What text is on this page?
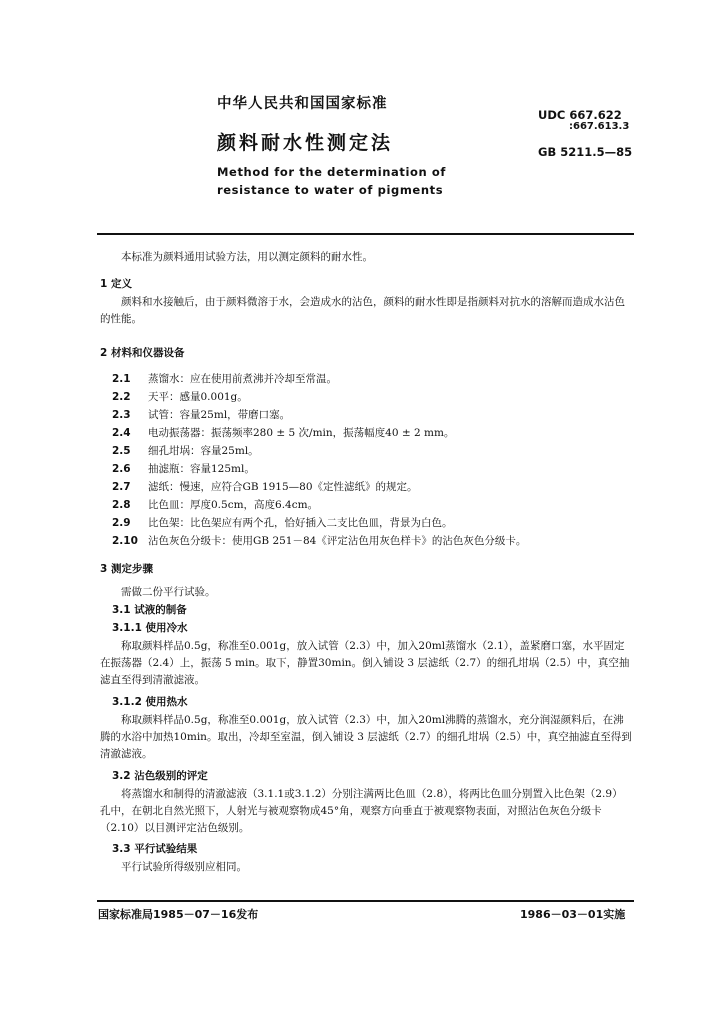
中华人民共和国国家标准
颜料耐水性测定法
Method for the determination of
resistance to water of pigments
UDC 667.622
:667.613.3
GB 5211.5—85
本标准为颜料通用试验方法，用以测定颜料的耐水性。
1 定义
颜料和水接触后，由于颜料微溶于水，会造成水的沾色，颜料的耐水性即是指颜料对抗水的溶解而造成水沾色的性能。
2 材料和仪器设备
2.1 蒸馏水：应在使用前煮沸并冷却至常温。
2.2 天平：感量0.001g。
2.3 试管：容量25ml，带磨口塞。
2.4 电动振荡器：振荡频率280 ± 5 次/min，振荡幅度40 ± 2 mm。
2.5 细孔坩埚：容量25ml。
2.6 抽滤瓶：容量125ml。
2.7 滤纸：慢速，应符合GB 1915—80《定性滤纸》的规定。
2.8 比色皿：厚度0.5cm，高度6.4cm。
2.9 比色架：比色架应有两个孔，恰好插入二支比色皿，背景为白色。
2.10 沾色灰色分级卡：使用GB 251－84《评定沾色用灰色样卡》的沾色灰色分级卡。
3 测定步骤
需做二份平行试验。
3.1 试液的制备
3.1.1 使用冷水
称取颜料样品0.5g，称准至0.001g，放入试管（2.3）中，加入20ml蒸馏水（2.1），盖紧磨口塞，水平固定在振荡器（2.4）上，振荡 5 min。取下，静置30min。倒入铺设 3 层滤纸（2.7）的细孔坩埚（2.5）中，真空抽滤直至得到清澈滤液。
3.1.2 使用热水
称取颜料样品0.5g，称准至0.001g，放入试管（2.3）中，加入20ml沸腾的蒸馏水，充分润湿颜料后，在沸腾的水浴中加热10min。取出，冷却至室温，倒入铺设 3 层滤纸（2.7）的细孔坩埚（2.5）中，真空抽滤直至得到清澈滤液。
3.2 沾色级别的评定
将蒸馏水和制得的清澈滤液（3.1.1或3.1.2）分别注满两比色皿（2.8），将两比色皿分别置入比色架（2.9）孔中，在朝北自然光照下，人射光与被观察物成45°角，观察方向垂直于被观察物表面，对照沾色灰色分级卡（2.10）以目测评定沾色级别。
3.3 平行试验结果
平行试验所得级别应相同。
国家标准局1985－07－16发布	1986－03－01实施
